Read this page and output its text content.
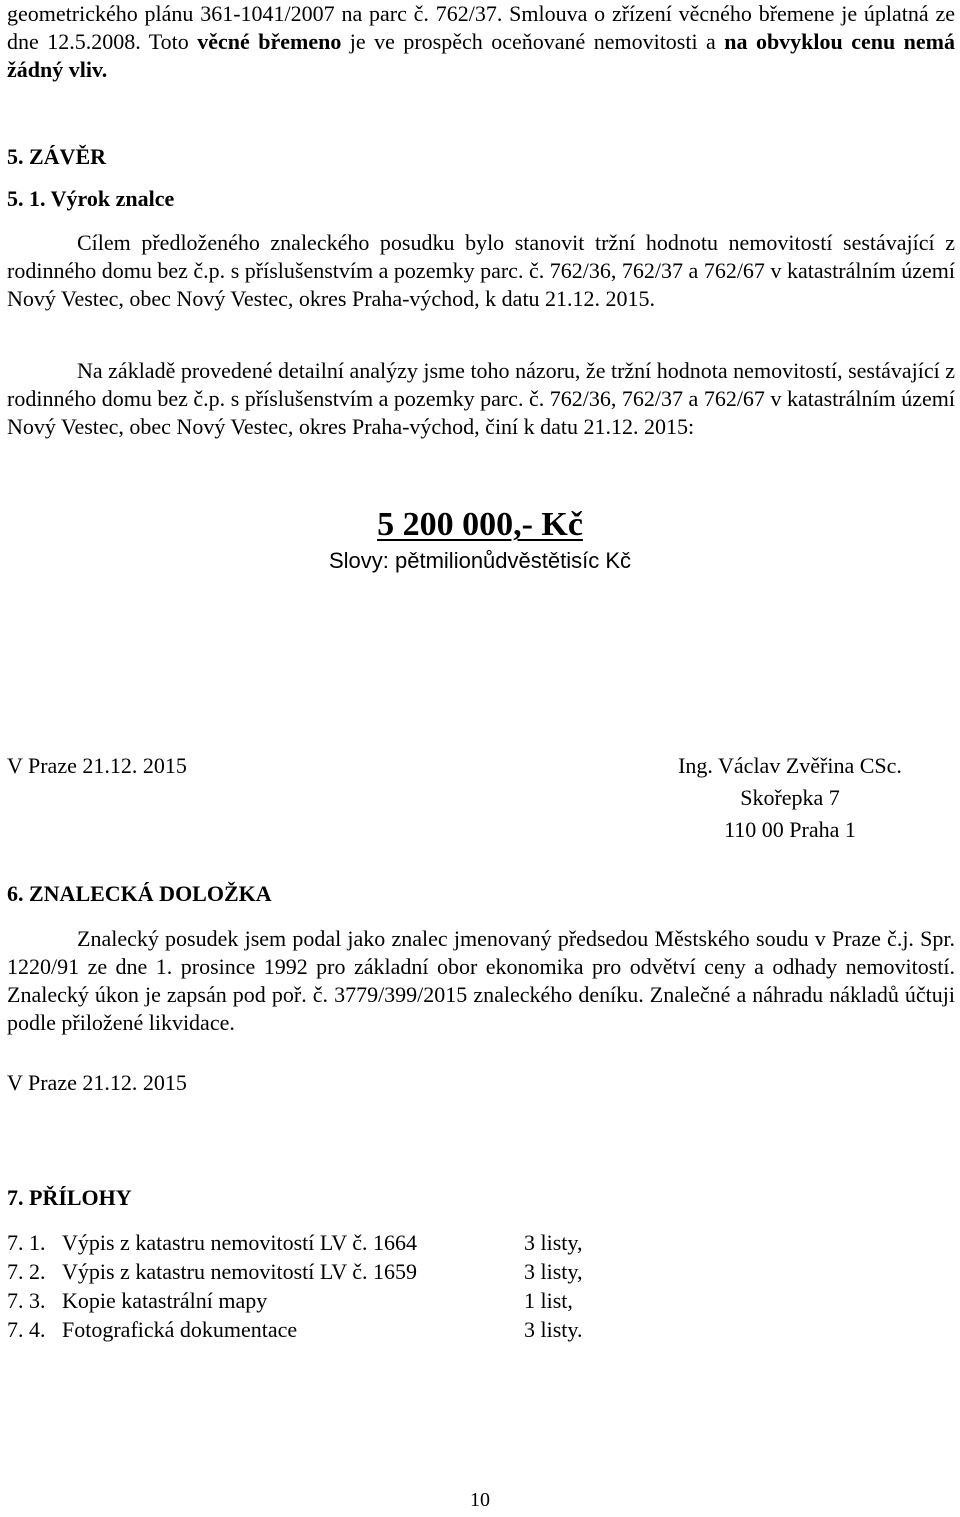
geometrického plánu 361-1041/2007 na parc č. 762/37. Smlouva o zřízení věcného břemene je úplatná ze dne 12.5.2008. Toto věcné břemeno je ve prospěch oceňované nemovitosti a na obvyklou cenu nemá žádný vliv.

5. ZÁVĚR
5. 1. Výrok znalce

Cílem předloženého znaleckého posudku bylo stanovit tržní hodnotu nemovitostí sestávající z rodinného domu bez č.p. s příslušenstvím a pozemky parc. č. 762/36, 762/37 a 762/67 v katastrálním území Nový Vestec, obec Nový Vestec, okres Praha-východ, k datu 21.12. 2015.

Na základě provedené detailní analýzy jsme toho názoru, že tržní hodnota nemovitostí, sestávající z rodinného domu bez č.p. s příslušenstvím a pozemky parc. č. 762/36, 762/37 a 762/67 v katastrálním území Nový Vestec, obec Nový Vestec, okres Praha-východ, činí k datu 21.12. 2015:

5 200 000,- Kč
Slovy: pětmilionůdvěstětisíc Kč
V Praze 21.12. 2015	Ing. Václav Zvěřina CSc.
Skořepka 7
110 00 Praha 1
6. ZNALECKÁ DOLOŽKA

Znalecký posudek jsem podal jako znalec jmenovaný předsedou Městského soudu v Praze č.j. Spr. 1220/91 ze dne 1. prosince 1992 pro základní obor ekonomika pro odvětví ceny a odhady nemovitostí. Znalecký úkon je zapsán pod poř. č. 3779/399/2015 znaleckého deníku. Znalečné a náhradu nákladů účtuji podle přiložené likvidace.

V Praze 21.12. 2015
7. PŘÍLOHY
7. 1. Výpis z katastru nemovitostí LV č. 1664	3 listy,
7. 2. Výpis z katastru nemovitostí LV č. 1659	3 listy,
7. 3. Kopie katastrální mapy	1 list,
7. 4. Fotografická dokumentace	3 listy.
10
